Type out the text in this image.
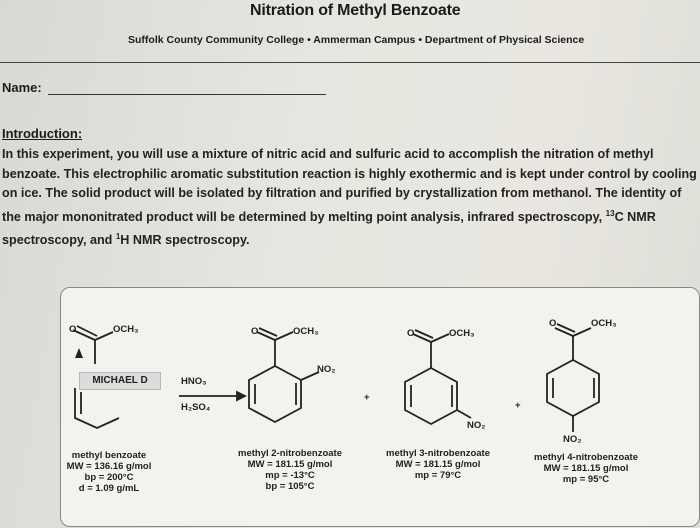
Nitration of Methyl Benzoate
Suffolk County Community College • Ammerman Campus • Department of Physical Science
Name:
Introduction:
In this experiment, you will use a mixture of nitric acid and sulfuric acid to accomplish the nitration of methyl
benzoate. This electrophilic aromatic substitution reaction is highly exothermic and is kept under control by cooling
on ice. The solid product will be isolated by filtration and purified by crystallization from methanol. The identity of
the major mononitrated product will be determined by melting point analysis, infrared spectroscopy, $^{13}$C NMR
spectroscopy, and $^1$H NMR spectroscopy.
MICHAEL D
O	OCH₃	O	OCH₃
NO₂
O	OCH₃
NO₂
O	OCH₃
NO₂
HNO₃
H₂SO₄
+
+
methyl benzoate
MW = 136.16 g/mol
bp = 200°C
d = 1.09 g/mL
methyl 2-nitrobenzoate
MW = 181.15 g/mol
mp = -13°C
bp = 105°C
methyl 3-nitrobenzoate
MW = 181.15 g/mol
mp = 79°C
methyl 4-nitrobenzoate
MW = 181.15 g/mol
mp = 95°C
